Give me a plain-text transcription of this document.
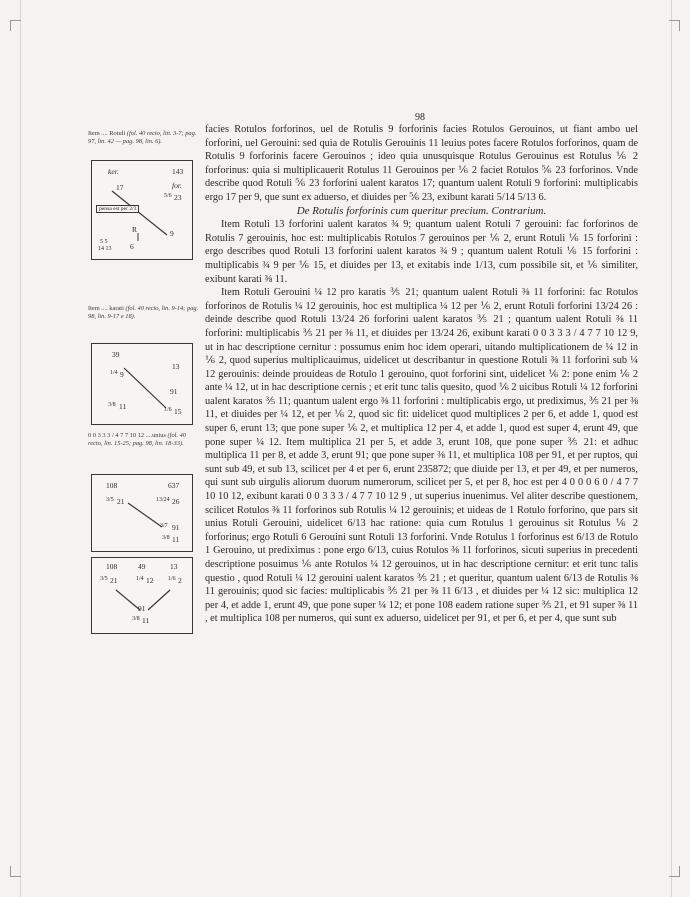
98
Item .... Rotuli (fol. 40 recto, lin. 3-7; pag. 97, lin. 42 — pag. 98, lin. 6).
ker.	143
17	for.
5/6 23
pensa est per 2/3
R	9
5 5
14 13 6
Item .... karati (fol. 40 recto, lin. 9-14; pag. 98, lin. 9-17 e 18).
39
13
1/4 9
91
3/8 11	1/6 15
0 0 3 3 3 / 4 7 7 10 12 ....unius (fol. 40 recto, lin. 15-25; pag. 98, lin. 18-33).
108	637
3/5 21	13/24 26
3/7 91
3/8 11
108	49	13
3/5 21	1/4 12 1/6 2
91
3/8 11

facies Rotulos forforinos, uel de Rotulis 9 forforinis facies Rotulos Gerouinos, ut fiant ambo uel forforini, uel Gerouini: sed quia de Rotulis Gerouinis 11 leuius potes facere Rotulos forforinos, quam de Rotulis 9 forforinis facere Gerouinos ; ideo quia unusquisque Rotulus Gerouinus est Rotulus ⅙ 2 forforinus: quia si multiplicauerit Rotulus 11 Gerouinos per ⅙ 2 faciet Rotulos ⅚ 23 forforinos. Vnde describe quod Rotuli ⅚ 23 forforini ualent karatos 17; quantum ualent Rotuli 9 forforini: multiplicabis ergo 17 per 9, que sunt ex aduerso, et diuides per ⅚ 23, exibunt karati 5/14 5/13 6.

De Rotulis forforinis cum queritur precium. Contrarium.

Item Rotuli 13 forforini ualent karatos ¾ 9; quantum ualent Rotuli 7 gerouini: fac forforinos de Rotulis 7 gerouinis, hoc est: multiplicabis Rotulos 7 gerouinos per ⅙ 2, erunt Rotuli ⅙ 15 forforini : ergo describes quod Rotuli 13 forforini ualent karatos ¾ 9 ; quantum ualent Rotuli ⅙ 15 forforini : multiplicabis ¾ 9 per ⅙ 15, et diuides per 13, et exitabis inde 1/13, cum possibile sit, et ⅙ similiter, exibunt karati ⅜ 11.

Item Rotuli Gerouini ¼ 12 pro karatis ⅗ 21; quantum ualent Rotuli ⅜ 11 forforini: fac Rotulos forforinos de Rotulis ¼ 12 gerouinis, hoc est multiplica ¼ 12 per ⅙ 2, erunt Rotuli forforini 13/24 26 : deinde describe quod Rotuli 13/24 26 forforini ualent karatos ⅗ 21 ; quantum ualent Rotuli ⅜ 11 forforini: multiplicabis ⅗ 21 per ⅜ 11, et diuides per 13/24 26, exibunt karati 0 0 3 3 3 / 4 7 7 10 12 9, ut in hac descriptione cernitur : possumus enim hoc idem operari, uitando multiplicationem de ¼ 12 in ⅙ 2, quod superius multiplicauimus, uidelicet ut describantur in questione Rotuli ⅜ 11 forforini sub ¼ 12 gerouinis: deinde prouideas de Rotulo 1 gerouino, quot forforini sint, uidelicet ⅙ 2: pone enim ⅙ 2 ante ¼ 12, ut in hac descriptione cernis ; et erit tunc talis quesito, quod ⅙ 2 uicibus Rotuli ¼ 12 forforini ualent karatos ⅗ 11; quantum ualent ergo ⅜ 11 forforini : multiplicabis ergo, ut prediximus, ⅗ 21 per ⅜ 11, et diuides per ¼ 12, et per ⅙ 2, quod sic fit: uidelicet quod multiplices 2 per 6, et adde 1, quod est super 6, erunt 13; que pone super ⅙ 2, et multiplica 12 per 4, et adde 1, quod est super 4, erunt 49, que pone super ¼ 12. Item multiplica 21 per 5, et adde 3, erunt 108, que pone super ⅗ 21: et adhuc multiplica 11 per 8, et adde 3, erunt 91; que pone super ⅜ 11, et multiplica 108 per 91, et per ruptos, qui sunt sub 49, et sub 13, scilicet per 4 et per 6, erunt 235872; que diuide per 13, et per 49, et per numeros, qui sunt sub uirgulis aliorum duorum numerorum, scilicet per 5, et per 8, hoc est per 4 0 0 0 6 0 / 4 7 7 10 10 12, exibunt karati 0 0 3 3 3 / 4 7 7 10 12 9 , ut superius inuenimus. Vel aliter describe questionem, scilicet Rotulos ⅜ 11 forforinos sub Rotulis ¼ 12 gerouinis; et uideas de 1 Rotulo forforino, que pars sit unius Rotuli Gerouini, uidelicet 6/13 hac ratione: quia cum Rotulus 1 gerouinus sit Rotulus ⅙ 2 forforinus; ergo Rotuli 6 Gerouini sunt Rotuli 13 forforini. Vnde Rotulus 1 forforinus est 6/13 de Rotulo 1 Gerouino, ut prediximus : pone ergo 6/13, cuius Rotulos ⅜ 11 forforinos, sicuti superius in precedenti descriptione posuimus ⅙ ante Rotulos ¼ 12 gerouinos, ut in hac descriptione cernitur: et erit tunc talis questio , quod Rotuli ¼ 12 gerouini ualent karatos ⅗ 21 ; et queritur, quantum ualent 6/13 de Rotulis ⅜ 11 gerouinis; quod sic facies: multiplicabis ⅗ 21 per ⅜ 11 6/13 , et diuides per ¼ 12 sic: multiplica 12 per 4, et adde 1, erunt 49, que pone super ¼ 12; et pone 108 eadem ratione super ⅗ 21, et 91 super ⅜ 11 , et multiplica 108 per numeros, qui sunt ex aduerso, uidelicet per 91, et per 6, et per 4, que sunt sub
